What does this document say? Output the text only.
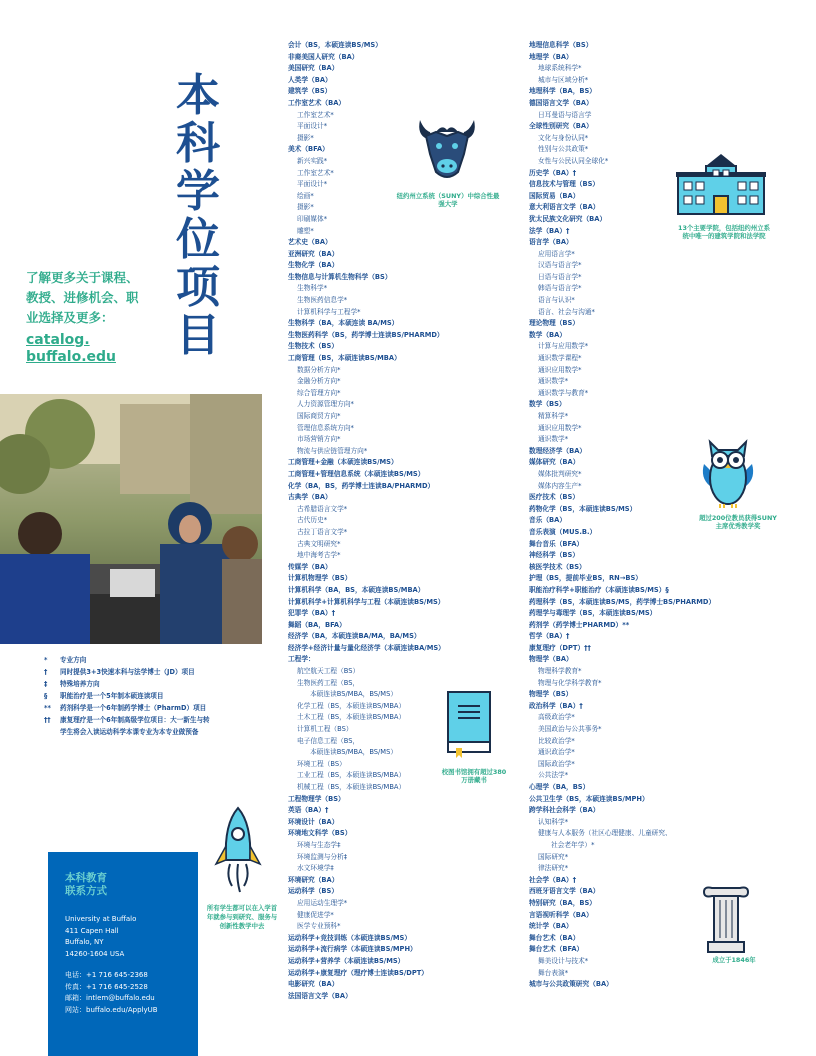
本
科
学
位
项
目
了解更多关于课程、教授、进修机会、职业选择及更多：
catalog.
buffalo.edu
*	专业方向
†	同时提供3+3快速本科与法学博士（JD）项目
‡	特殊培养方向
§	职能治疗是一个5年制本硕连读项目
**	药剂科学是一个6年制药学博士（PharmD）项目
††	康复理疗是一个6年制高级学位项目：大一新生与转
学生将会入读运动科学本课专业为本专业做预备
本科教育
联系方式
University at Buffalo
411 Capen Hall
Buffalo, NY
14260-1604 USA
电话：+1 716 645-2368
传真：+1 716 645-2528
邮箱：intlem@buffalo.edu
网站：buffalo.edu/ApplyUB
会计（BS，本硕连读BS/MS）
非裔美国人研究（BA）
美国研究（BA）
人类学（BA）
建筑学（BS）
工作室艺术（BA）
工作室艺术*
平面设计*
摄影*
美术（BFA）
新兴实践*
工作室艺术*
平面设计*
绘画*
摄影*
印刷媒体*
雕塑*
艺术史（BA）
亚洲研究（BA）
生物化学（BA）
生物信息与计算机生物科学（BS）
生物科学*
生物医药信息学*
计算机科学与工程学*
生物科学（BA，本硕连读 BA/MS）
生物医药科学（BS，药学博士连读BS/PHARMD）
生物技术（BS）
工商管理（BS，本硕连读BS/MBA）
数据分析方向*
金融分析方向*
综合管理方向*
人力资源管理方向*
国际商贸方向*
管理信息系统方向*
市场营销方向*
物流与供应链管理方向*
工商管理+金融（本硕连读BS/MS）
工商管理+管理信息系统（本硕连读BS/MS）
化学（BA，BS，药学博士连读BA/PHARMD）
古典学（BA）
古希腊语言文学*
古代历史*
古拉丁语言文学*
古典文明研究*
地中海考古学*
传媒学（BA）
计算机物理学（BS）
计算机科学（BA，BS，本硕连读BS/MBA）
计算机科学+计算机科学与工程（本硕连读BS/MS）
犯罪学（BA）†
舞蹈（BA，BFA）
经济学（BA，本硕连读BA/MA，BA/MS）
经济学+经济计量与量化经济学（本硕连读BA/MS）
工程学：
航空航天工程（BS）
生物医药工程（BS，
本硕连读BS/MBA，BS/MS）
化学工程（BS，本硕连读BS/MBA）
土木工程（BS，本硕连读BS/MBA）
计算机工程（BS）
电子信息工程（BS，
本硕连读BS/MBA，BS/MS）
环境工程（BS）
工业工程（BS，本硕连读BS/MBA）
机械工程（BS，本硕连读BS/MBA）
工程物理学（BS）
英语（BA）†
环境设计（BA）
环境地文科学（BS）
环境与生态学‡
环境监测与分析‡
水文环境学‡
环境研究（BA）
运动科学（BS）
应用运动生理学*
健康促进学*
医学专业预科*
运动科学+竞技训练（本硕连读BS/MS）
运动科学+流行病学（本硕连读BS/MPH）
运动科学+营养学（本硕连读BS/MS）
运动科学+康复理疗（理疗博士连读BS/DPT）
电影研究（BA）
法国语言文学（BA）
地理信息科学（BS）
地理学（BA）
地球系统科学*
城市与区域分析*
地理科学（BA，BS）
德国语言文学（BA）
日耳曼语与语言学
全球性别研究（BA）
文化与身份认同*
性别与公共政策*
女性与公民认同全球化*
历史学（BA）†
信息技术与管理（BS）
国际贸易（BA）
意大利语言文学（BA）
犹太民族文化研究（BA）
法学（BA）†
语言学（BA）
应用语言学*
汉语与语言学*
日语与语言学*
韩语与语言学*
语言与认识*
语言、社会与沟通*
理论物理（BS）
数学（BA）
计算与应用数学*
通识数学课程*
通识应用数学*
通识数学*
通识数学与教育*
数学（BS）
精算科学*
通识应用数学*
通识数学*
数理经济学（BA）
媒体研究（BA）
媒体批判研究*
媒体内容生产*
医疗技术（BS）
药物化学（BS，本硕连读BS/MS）
音乐（BA）
音乐表演（MUS.B.）
舞台音乐（BFA）
神经科学（BS）
核医学技术（BS）
护理（BS，提前毕业BS，RN→BS）
职能治疗科学+职能治疗（本硕连读BS/MS）§
药理科学（BS，本硕连读BS/MS，药学博士BS/PHARMD）
药理学与毒理学（BS，本硕连读BS/MS）
药剂学（药学博士PHARMD）**
哲学（BA）†
康复理疗（DPT）††
物理学（BA）
物理科学教育*
物理与化学科学教育*
物理学（BS）
政治科学（BA）†
高级政治学*
美国政治与公共事务*
比较政治学*
通识政治学*
国际政治学*
公共法学*
心理学（BA，BS）
公共卫生学（BS，本硕连读BS/MPH）
跨学科社会科学（BA）
认知科学*
健康与人本服务（社区心理健康、儿童研究、
社会老年学）*
国际研究*
律法研究*
社会学（BA）†
西班牙语言文学（BA）
特别研究（BA，BS）
言语视听科学（BA）
统计学（BA）
舞台艺术（BA）
舞台艺术（BFA）
舞美设计与技术*
舞台表演*
城市与公共政策研究（BA）
纽约州立系统（SUNY）中综合性最强大学
13个主要学院，包括纽约州立系统中唯一的建筑学院和法学院
超过200位教员获得SUNY主席优秀教学奖
校图书馆拥有超过380万册藏书
所有学生都可以在入学首年就参与到研究、服务与创新性教学中去
成立于1846年
